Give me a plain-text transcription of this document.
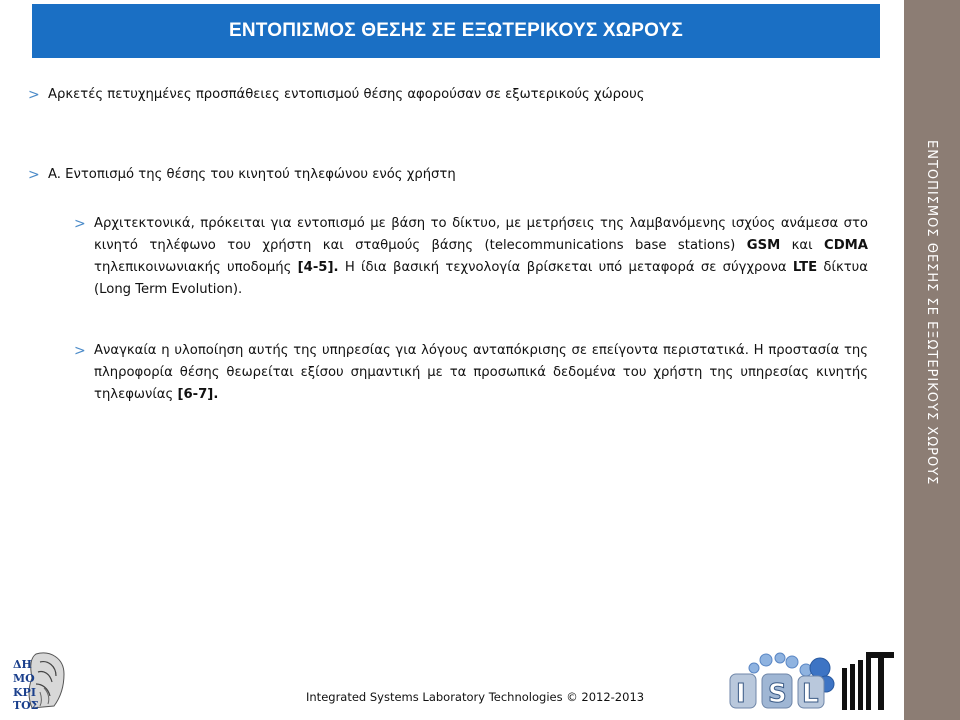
ΕΝΤΟΠΙΣΜΟΣ ΘΕΣΗΣ ΣΕ ΕΞΩΤΕΡΙΚΟΥΣ ΧΩΡΟΥΣ
ΕΝΤΟΠΙΣΜΟΣ ΘΕΣΗΣ ΣΕ ΕΞΩΤΕΡΙΚΟΥΣ ΧΩΡΟΥΣ
> Αρκετές πετυχημένες προσπάθειες εντοπισμού θέσης αφορούσαν σε εξωτερικούς χώρους
> A. Εντοπισμό της θέσης του κινητού τηλεφώνου ενός χρήστη
> Αρχιτεκτονικά, πρόκειται για εντοπισμό με βάση το δίκτυο, με μετρήσεις της λαμβανόμενης ισχύος ανάμεσα στο κινητό τηλέφωνο του χρήστη και σταθμούς βάσης (telecommunications base stations) GSM και CDMA τηλεπικοινωνιακής υποδομής [4-5]. Η ίδια βασική τεχνολογία βρίσκεται υπό μεταφορά σε σύγχρονα LTE δίκτυα (Long Term Evolution).
> Αναγκαία η υλοποίηση αυτής της υπηρεσίας για λόγους ανταπόκρισης σε επείγοντα περιστατικά. Η προστασία της πληροφορία θέσης θεωρείται εξίσου σημαντική με τα προσωπικά δεδομένα του χρήστη της υπηρεσίας κινητής τηλεφωνίας [6-7].
ΔΗ
ΜΟ
ΚΡΙ
ΤΟΣ	I S L
Integrated Systems Laboratory Technologies © 2012-2013
